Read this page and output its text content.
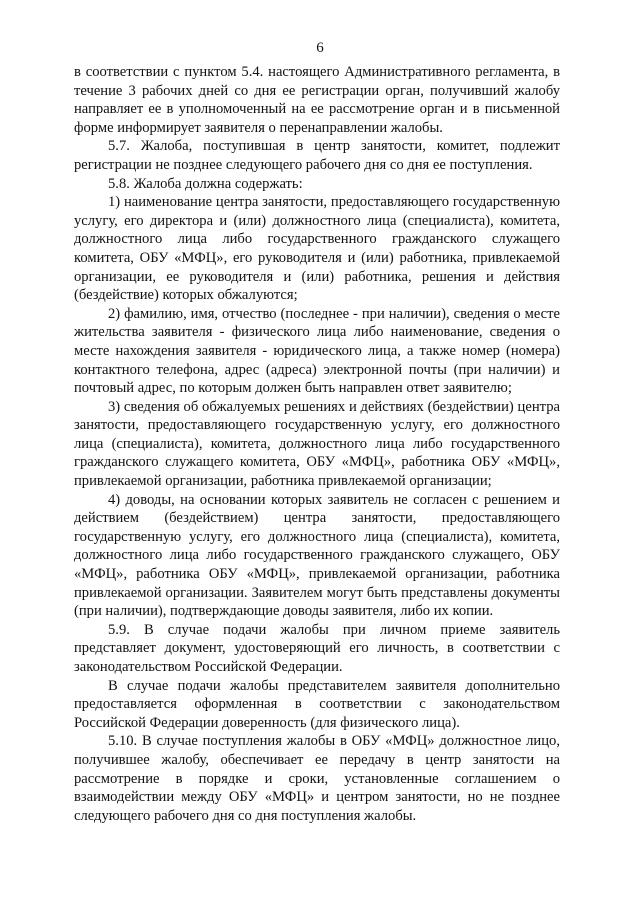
6

в соответствии с пунктом 5.4. настоящего Административного регламента, в течение 3 рабочих дней со дня ее регистрации орган, получивший жалобу направляет ее в уполномоченный на ее рассмотрение орган и в письменной форме информирует заявителя о перенаправлении жалобы.

5.7. Жалоба, поступившая в центр занятости, комитет, подлежит регистрации не позднее следующего рабочего дня со дня ее поступления.

5.8. Жалоба должна содержать:

1) наименование центра занятости, предоставляющего государственную услугу, его директора и (или) должностного лица (специалиста), комитета, должностного лица либо государственного гражданского служащего комитета, ОБУ «МФЦ», его руководителя и (или) работника, привлекаемой организации, ее руководителя и (или) работника, решения и действия (бездействие) которых обжалуются;

2) фамилию, имя, отчество (последнее - при наличии), сведения о месте жительства заявителя - физического лица либо наименование, сведения о месте нахождения заявителя - юридического лица, а также номер (номера) контактного телефона, адрес (адреса) электронной почты (при наличии) и почтовый адрес, по которым должен быть направлен ответ заявителю;

3) сведения об обжалуемых решениях и действиях (бездействии) центра занятости, предоставляющего государственную услугу, его должностного лица (специалиста), комитета, должностного лица либо государственного гражданского служащего комитета, ОБУ «МФЦ», работника ОБУ «МФЦ», привлекаемой организации, работника привлекаемой организации;

4) доводы, на основании которых заявитель не согласен с решением и действием (бездействием) центра занятости, предоставляющего государственную услугу, его должностного лица (специалиста), комитета, должностного лица либо государственного гражданского служащего, ОБУ «МФЦ», работника ОБУ «МФЦ», привлекаемой организации, работника привлекаемой организации. Заявителем могут быть представлены документы (при наличии), подтверждающие доводы заявителя, либо их копии.

5.9. В случае подачи жалобы при личном приеме заявитель представляет документ, удостоверяющий его личность, в соответствии с законодательством Российской Федерации.

В случае подачи жалобы представителем заявителя дополнительно предоставляется оформленная в соответствии с законодательством Российской Федерации доверенность (для физического лица).

5.10. В случае поступления жалобы в ОБУ «МФЦ» должностное лицо, получившее жалобу, обеспечивает ее передачу в центр занятости на рассмотрение в порядке и сроки, установленные соглашением о взаимодействии между ОБУ «МФЦ» и центром занятости, но не позднее следующего рабочего дня со дня поступления жалобы.
